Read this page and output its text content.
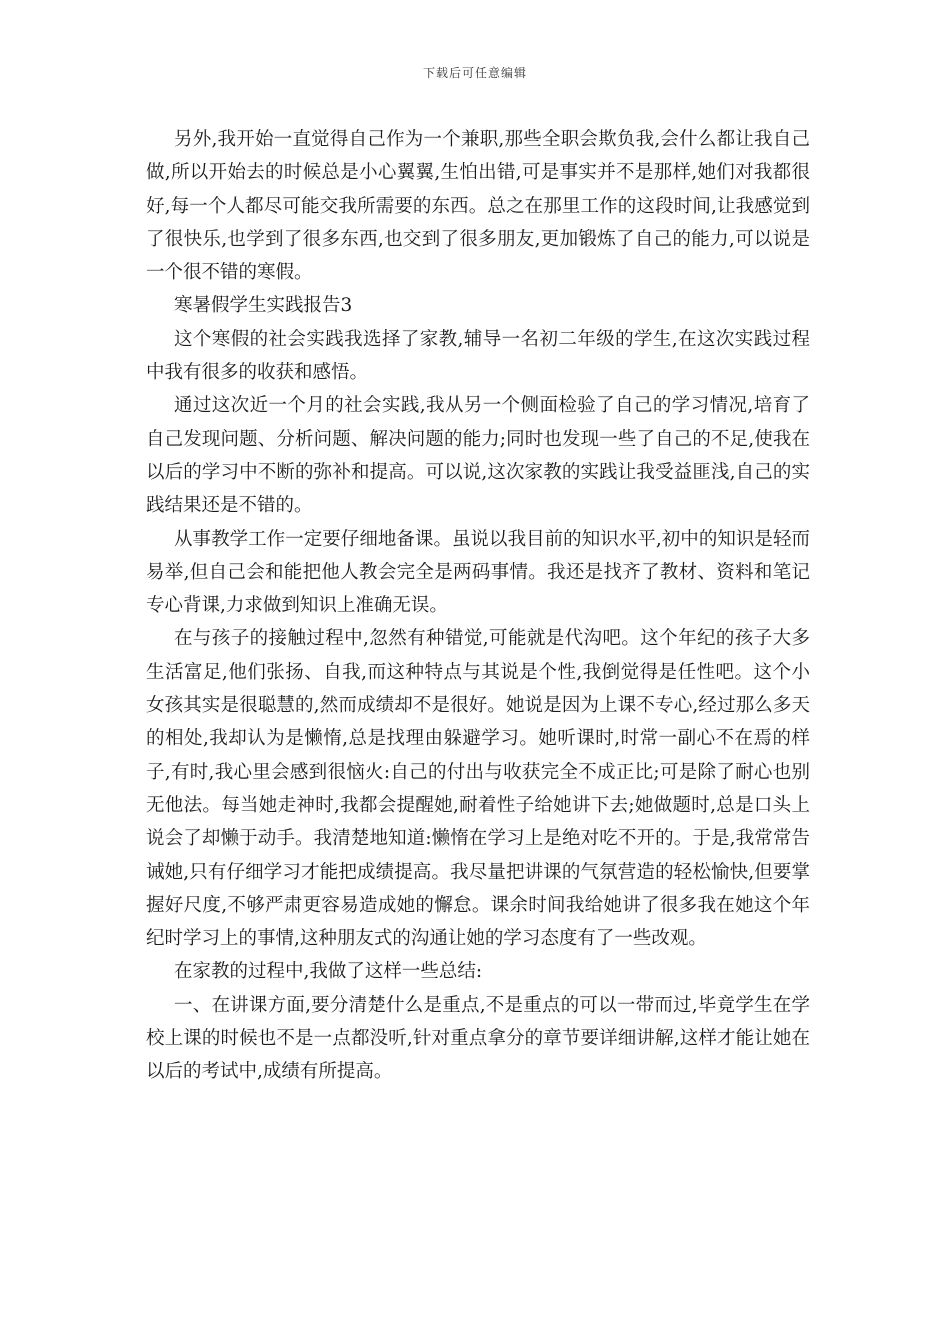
下载后可任意编辑

另外,我开始一直觉得自己作为一个兼职,那些全职会欺负我,会什么都让我自己做,所以开始去的时候总是小心翼翼,生怕出错,可是事实并不是那样,她们对我都很好,每一个人都尽可能交我所需要的东西。总之在那里工作的这段时间,让我感觉到了很快乐,也学到了很多东西,也交到了很多朋友,更加锻炼了自己的能力,可以说是一个很不错的寒假。

寒暑假学生实践报告3

这个寒假的社会实践我选择了家教,辅导一名初二年级的学生,在这次实践过程中我有很多的收获和感悟。

通过这次近一个月的社会实践,我从另一个侧面检验了自己的学习情况,培育了自己发现问题、分析问题、解决问题的能力;同时也发现一些了自己的不足,使我在以后的学习中不断的弥补和提高。可以说,这次家教的实践让我受益匪浅,自己的实践结果还是不错的。

从事教学工作一定要仔细地备课。虽说以我目前的知识水平,初中的知识是轻而易举,但自己会和能把他人教会完全是两码事情。我还是找齐了教材、资料和笔记专心背课,力求做到知识上准确无误。

在与孩子的接触过程中,忽然有种错觉,可能就是代沟吧。这个年纪的孩子大多生活富足,他们张扬、自我,而这种特点与其说是个性,我倒觉得是任性吧。这个小女孩其实是很聪慧的,然而成绩却不是很好。她说是因为上课不专心,经过那么多天的相处,我却认为是懒惰,总是找理由躲避学习。她听课时,时常一副心不在焉的样子,有时,我心里会感到很恼火:自己的付出与收获完全不成正比;可是除了耐心也别无他法。每当她走神时,我都会提醒她,耐着性子给她讲下去;她做题时,总是口头上说会了却懒于动手。我清楚地知道:懒惰在学习上是绝对吃不开的。于是,我常常告诫她,只有仔细学习才能把成绩提高。我尽量把讲课的气氛营造的轻松愉快,但要掌握好尺度,不够严肃更容易造成她的懈怠。课余时间我给她讲了很多我在她这个年纪时学习上的事情,这种朋友式的沟通让她的学习态度有了一些改观。

在家教的过程中,我做了这样一些总结:

一、在讲课方面,要分清楚什么是重点,不是重点的可以一带而过,毕竟学生在学校上课的时候也不是一点都没听,针对重点拿分的章节要详细讲解,这样才能让她在以后的考试中,成绩有所提高。
